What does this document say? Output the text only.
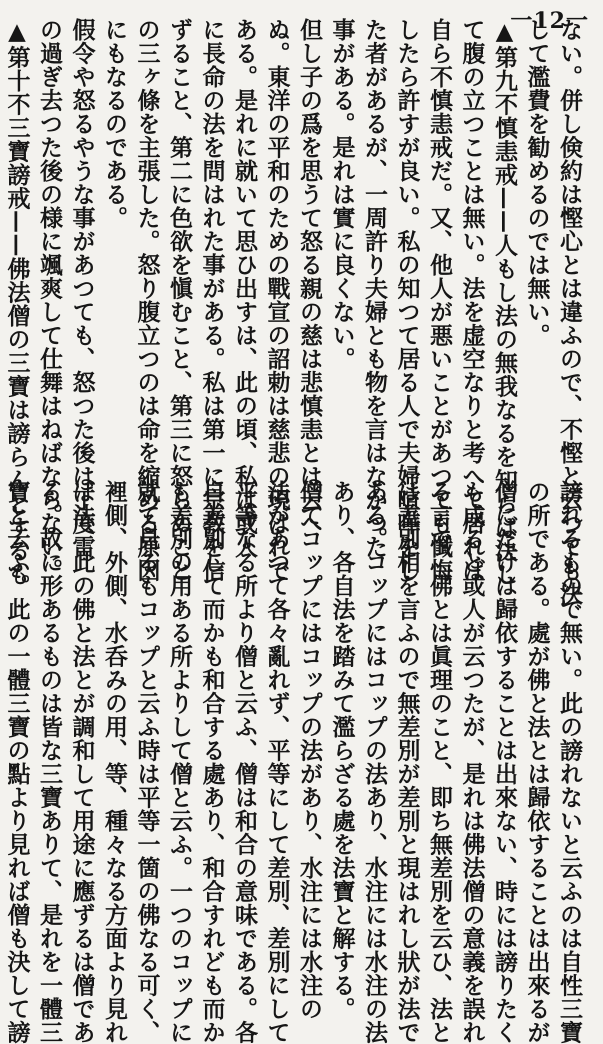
一12一
ない。併し倹約は慳心とは違ふので、不慳と云つても決
して濫費を勧めるのでは無い。
▲第九不慎恚戒——人もし法の無我なるを知らば決し
て腹の立つことは無い。法を虚空なりと考へて居れば
自ら不慎恚戒だ。又、他人が悪いことがあつても懺悔
したら許すが良い。私の知つて居る人で夫婦喧嘩をし
た者があるが、一周許り夫婦とも物を言はなかつた
事がある。是れは實に良くない。
但し子の爲を思うて怒る親の慈は悲慎恚とは云へ
ぬ。東洋の平和のための戰宣の詔勅は慈悲の現はれで
ある。是れに就いて思ひ出すは、此の頃、私は或人
に長命の法を問はれた事がある。私は第一に宗教を信
ずること、第二に色欲を愼むこと、第三に怒らぬこと
の三ヶ條を主張した。怒り腹立つのは命を縮める原因
にもなるのである。
假令や怒るやうな事があつても、怒つた後は丁度雷
の過ぎ去つた後の様に颯爽して仕舞はねばならない。
▲第十不三寶謗戒——佛法僧の三寶は謗らんとするも
謗れるもので無い。此の謗れないと云ふのは自性三寶
の所である。處が佛と法とは歸依することは出來るが
僧にだけは歸依することは出來ない、時には謗りたく
も成ると或人が云つたが、是れは佛法僧の意義を誤れ
る言で、佛とは眞理のこと、即ち無差別を云ひ、法と
は差別相を言ふので無差別が差別と現はれし狀が法で
ある。コップにはコップの法あり、水注には水注の法
あり、各自法を踏みて濫らざる處を法寶と解する。
僧てコップにはコップの法があり、水注には水注の
法があつて各々亂れず、平等にして差別、差別にして
平等なる所より僧と云ふ、僧は和合の意味である。各
自差別して而かも和合する處あり、和合すれども而か
も差別の用ある所よりして僧と云ふ。一つのコップに
就て見るもコップと云ふ時は平等一箇の佛なる可く、
裡側、外側、水呑みの用、等、種々なる方面より見れ
ば法、此の佛と法とが調和して用途に應ずるは僧であ
る。故に形あるものは皆な三寶ありて、是れを一體三
寶と云ふ。此の一體三寶の點より見れば僧も決して謗
